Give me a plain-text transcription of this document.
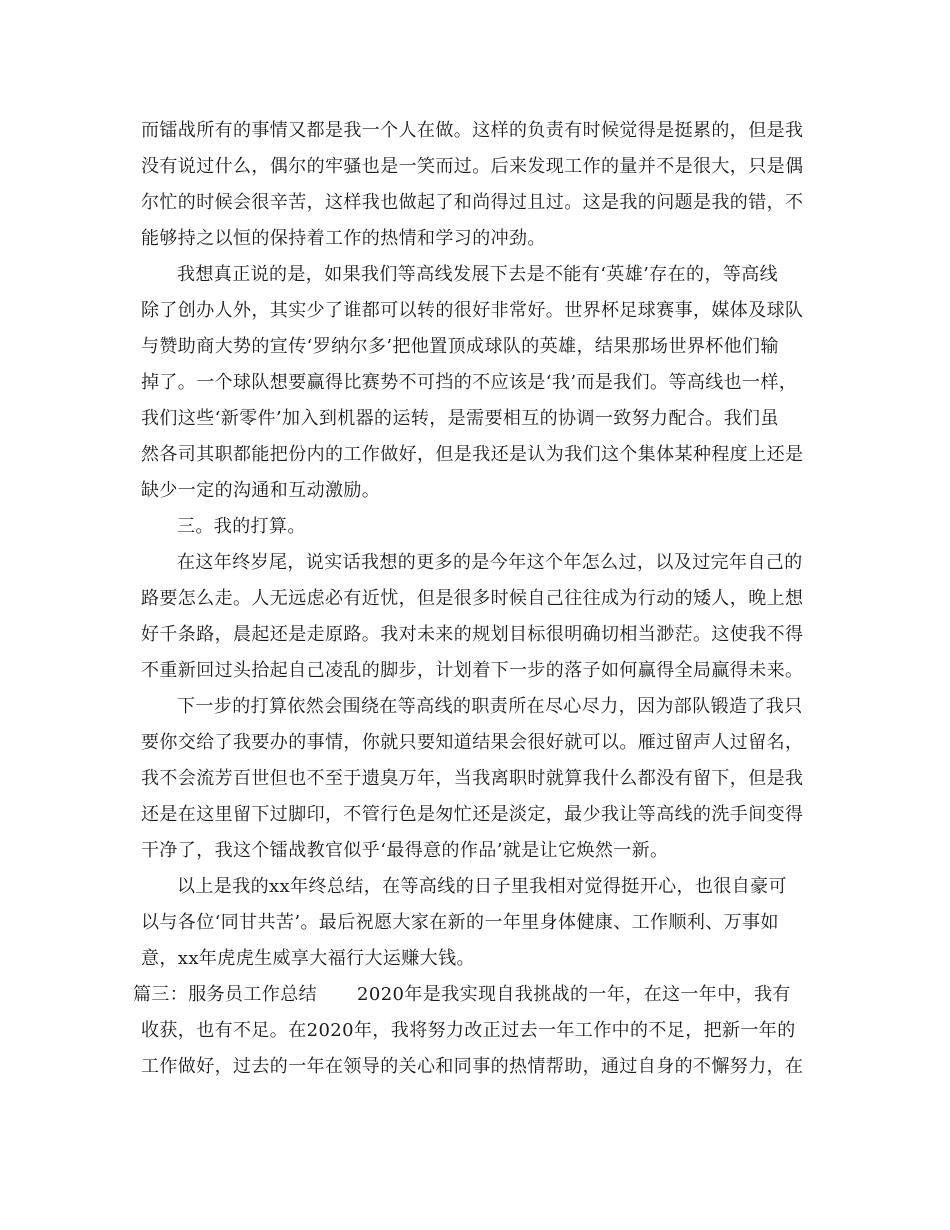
而镭战所有的事情又都是我一个人在做。这样的负责有时候觉得是挺累的，但是我

没有说过什么，偶尔的牢骚也是一笑而过。后来发现工作的量并不是很大，只是偶

尔忙的时候会很辛苦，这样我也做起了和尚得过且过。这是我的问题是我的错，不

能够持之以恒的保持着工作的热情和学习的冲劲。

我想真正说的是，如果我们等高线发展下去是不能有‘英雄’存在的，等高线

除了创办人外，其实少了谁都可以转的很好非常好。世界杯足球赛事，媒体及球队

与赞助商大势的宣传‘罗纳尔多’把他置顶成球队的英雄，结果那场世界杯他们输

掉了。一个球队想要赢得比赛势不可挡的不应该是‘我’而是我们。等高线也一样，

我们这些‘新零件’加入到机器的运转，是需要相互的协调一致努力配合。我们虽

然各司其职都能把份内的工作做好，但是我还是认为我们这个集体某种程度上还是

缺少一定的沟通和互动激励。

三。我的打算。

在这年终岁尾，说实话我想的更多的是今年这个年怎么过，以及过完年自己的

路要怎么走。人无远虑必有近忧，但是很多时候自己往往成为行动的矮人，晚上想

好千条路，晨起还是走原路。我对未来的规划目标很明确切相当渺茫。这使我不得

不重新回过头拾起自己凌乱的脚步，计划着下一步的落子如何赢得全局赢得未来。

下一步的打算依然会围绕在等高线的职责所在尽心尽力，因为部队锻造了我只

要你交给了我要办的事情，你就只要知道结果会很好就可以。雁过留声人过留名，

我不会流芳百世但也不至于遗臭万年，当我离职时就算我什么都没有留下，但是我

还是在这里留下过脚印，不管行色是匆忙还是淡定，最少我让等高线的洗手间变得

干净了，我这个镭战教官似乎‘最得意的作品’就是让它焕然一新。

以上是我的xx年终总结，在等高线的日子里我相对觉得挺开心，也很自豪可

以与各位‘同甘共苦’。最后祝愿大家在新的一年里身体健康、工作顺利、万事如

意，xx年虎虎生威享大福行大运赚大钱。

篇三：服务员工作总结 2020年是我实现自我挑战的一年，在这一年中，我有

收获，也有不足。在2020年，我将努力改正过去一年工作中的不足，把新一年的

工作做好，过去的一年在领导的关心和同事的热情帮助，通过自身的不懈努力，在
